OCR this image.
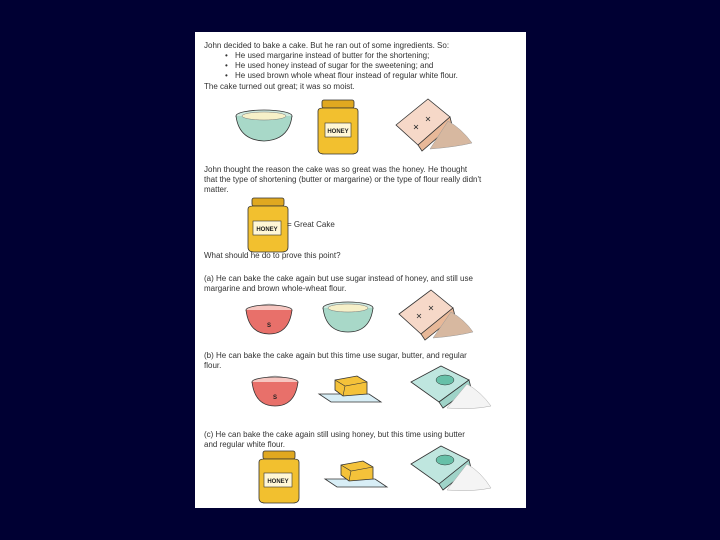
John decided to bake a cake. But he ran out of some ingredients. So:
• He used margarine instead of butter for the shortening;
• He used honey instead of sugar for the sweetening; and
• He used brown whole wheat flour instead of regular white flour.
The cake turned out great; it was so moist.
HONEY
John thought the reason the cake was so great was the honey. He thought
that the type of shortening (butter or margarine) or the type of flour really didn't
matter.
HONEY
= Great Cake
What should he do to prove this point?
(a) He can bake the cake again but use sugar instead of honey, and still use
margarine and brown whole-wheat flour.
S
(b) He can bake the cake again but this time use sugar, butter, and regular
flour.
S
(c) He can bake the cake again still using honey, but this time using butter
and regular white flour.
HONEY
